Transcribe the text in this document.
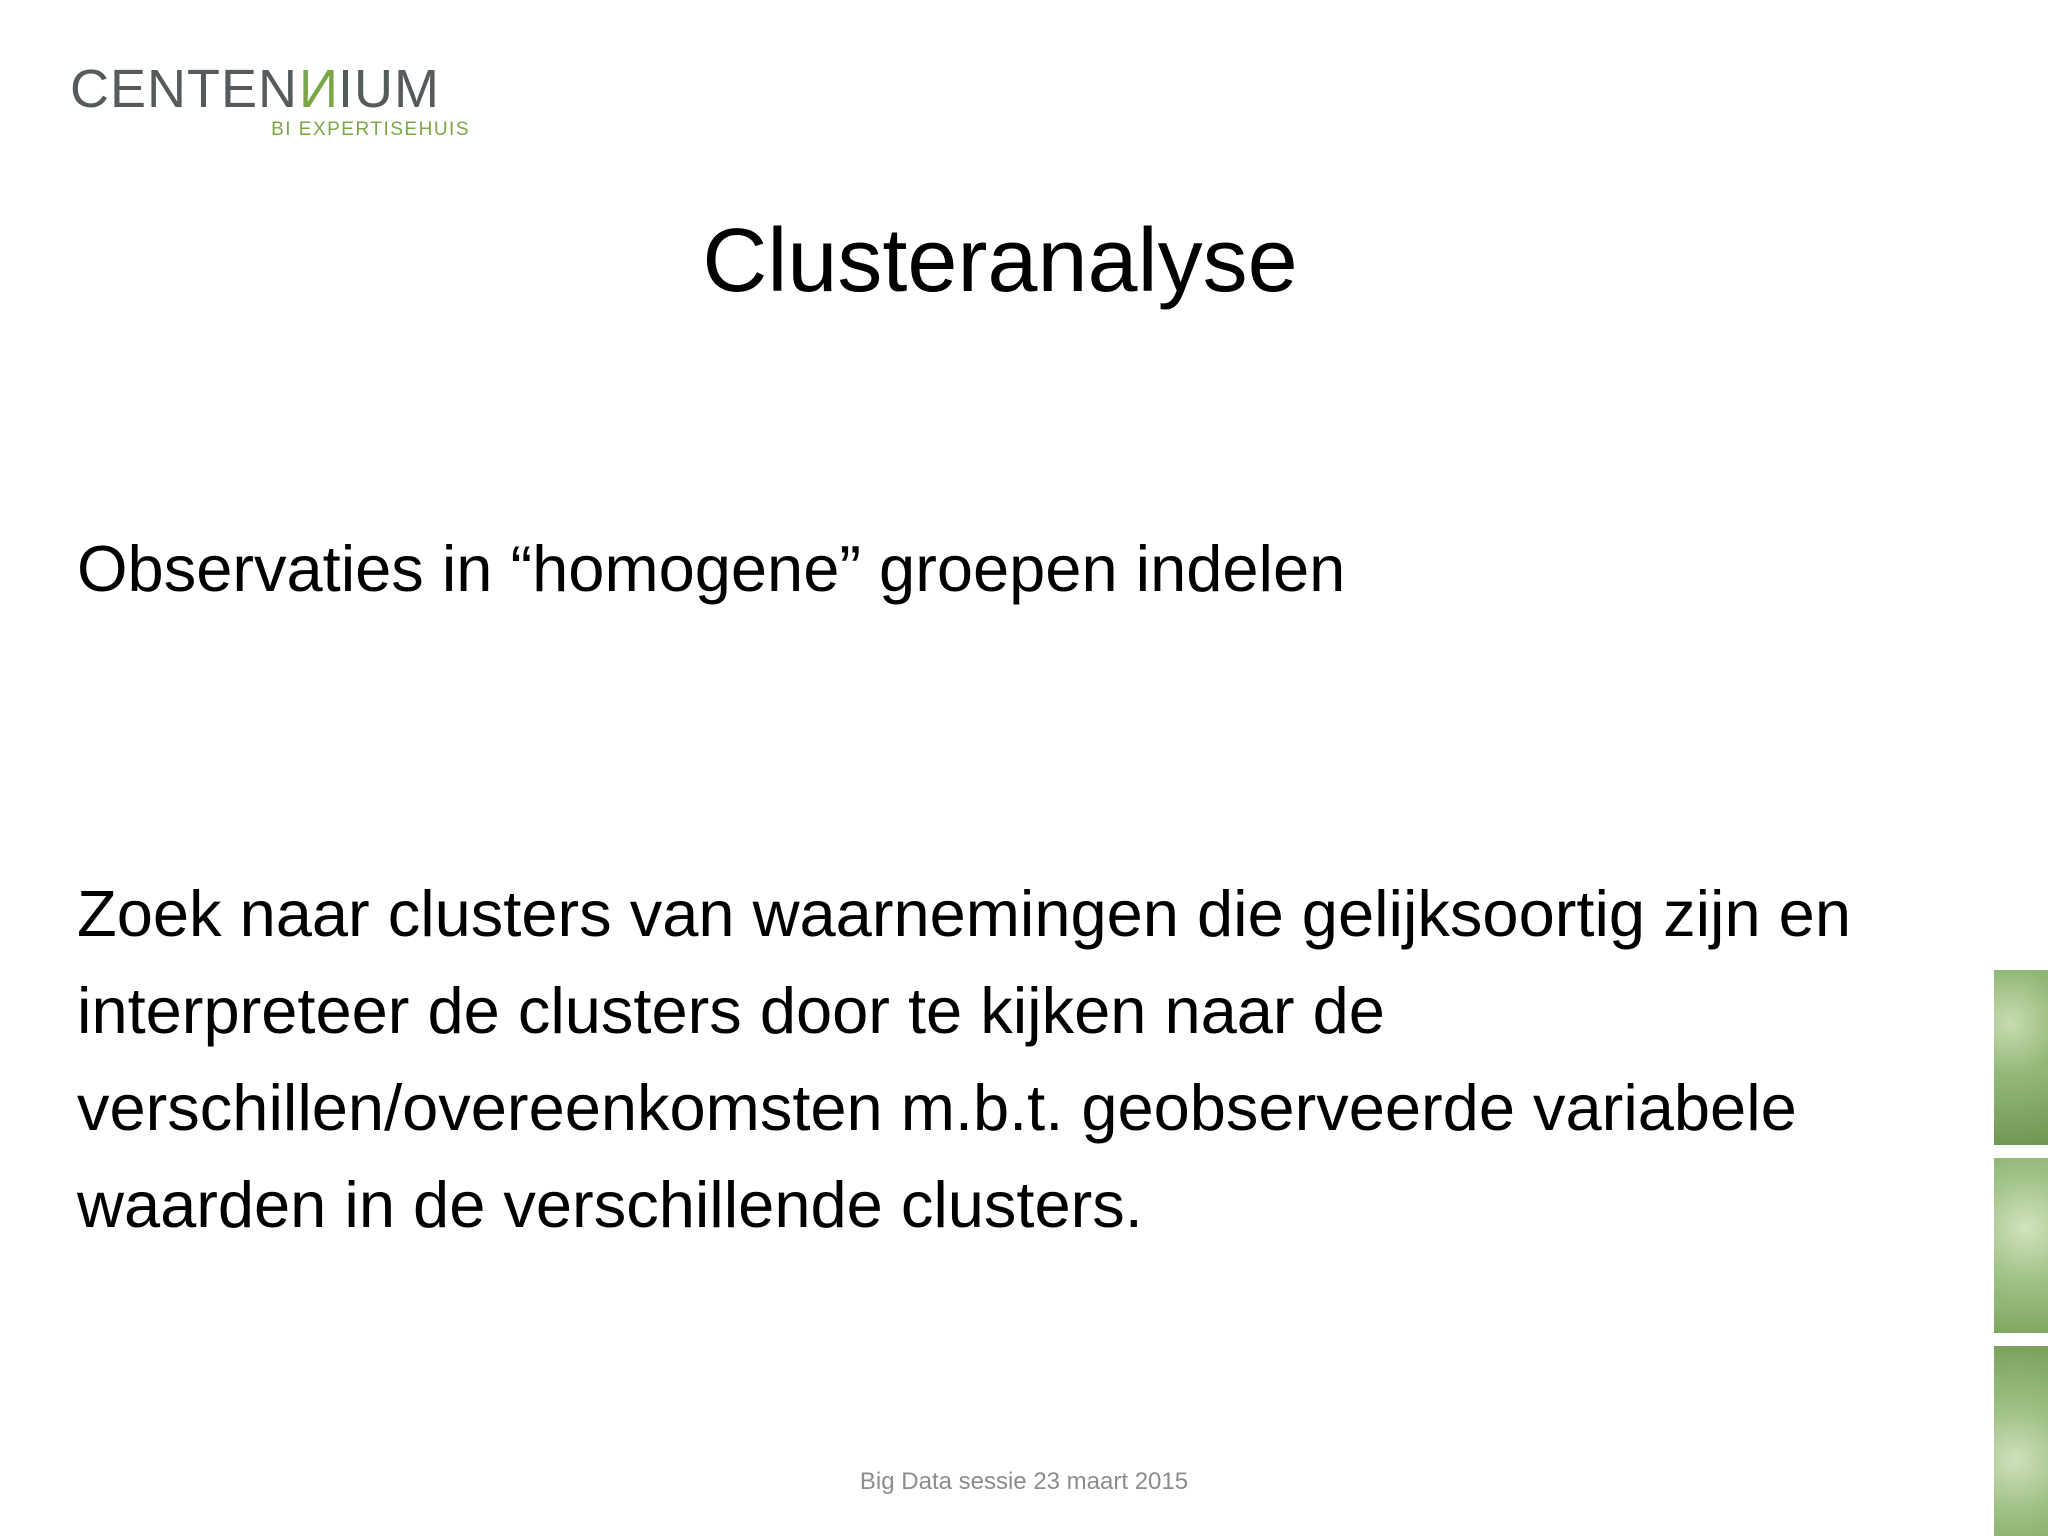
CENTENNIUM
BI EXPERTISEHUIS
Clusteranalyse
Observaties in “homogene” groepen indelen
Zoek naar clusters van waarnemingen die gelijksoortig zijn en interpreteer de clusters door te kijken naar de verschillen/overeenkomsten m.b.t. geobserveerde variabele waarden in de verschillende clusters.
Big Data sessie 23 maart 2015
